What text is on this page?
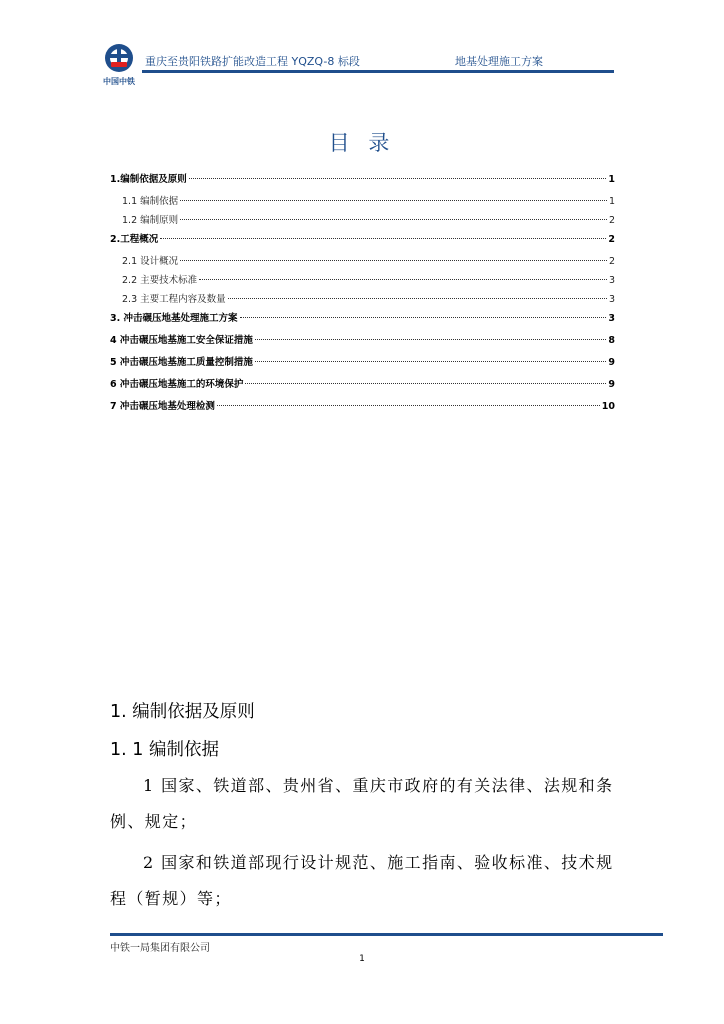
中国中铁
重庆至贵阳铁路扩能改造工程 YQZQ-8 标段	地基处理施工方案
目 录
1.编制依据及原则	1
1.1 编制依据	1
1.2 编制原则	2
2.工程概况	2
2.1 设计概况	2
2.2 主要技术标准	3
2.3 主要工程内容及数量	3
3. 冲击碾压地基处理施工方案	3
4 冲击碾压地基施工安全保证措施	8
5 冲击碾压地基施工质量控制措施	9
6 冲击碾压地基施工的环境保护	9
7 冲击碾压地基处理检测	10
1. 编制依据及原则
1. 1 编制依据
1 国家、铁道部、贵州省、重庆市政府的有关法律、法规和条例、规定；
2 国家和铁道部现行设计规范、施工指南、验收标准、技术规程（暂规）等；
中铁一局集团有限公司
1
